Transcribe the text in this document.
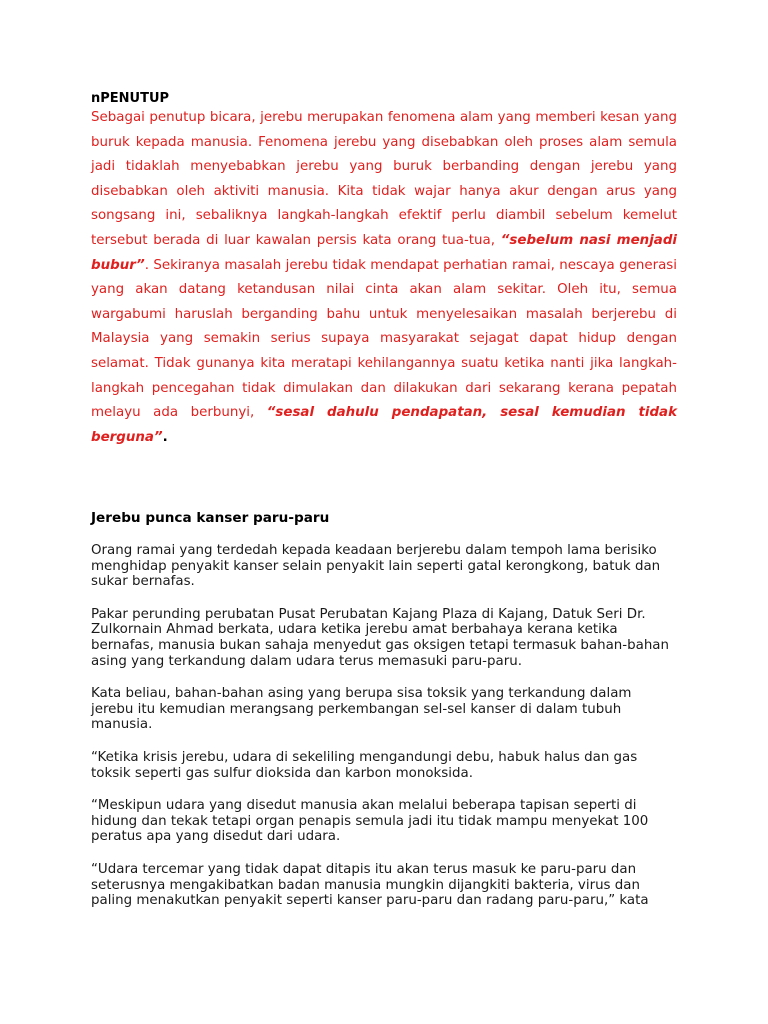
nPENUTUP

Sebagai penutup bicara, jerebu merupakan fenomena alam yang memberi kesan yang buruk kepada manusia. Fenomena jerebu yang disebabkan oleh proses alam semula jadi tidaklah menyebabkan jerebu yang buruk berbanding dengan jerebu yang disebabkan oleh aktiviti manusia. Kita tidak wajar hanya akur dengan arus yang songsang ini, sebaliknya langkah-langkah efektif perlu diambil sebelum kemelut tersebut berada di luar kawalan persis kata orang tua-tua, “sebelum nasi menjadi bubur”. Sekiranya masalah jerebu tidak mendapat perhatian ramai, nescaya generasi yang akan datang ketandusan nilai cinta akan alam sekitar. Oleh itu, semua wargabumi haruslah berganding bahu untuk menyelesaikan masalah berjerebu di Malaysia yang semakin serius supaya masyarakat sejagat dapat hidup dengan selamat. Tidak gunanya kita meratapi kehilangannya suatu ketika nanti jika langkah-langkah pencegahan tidak dimulakan dan dilakukan dari sekarang kerana pepatah melayu ada berbunyi, “sesal dahulu pendapatan, sesal kemudian tidak berguna”.

Jerebu punca kanser paru-paru

Orang ramai yang terdedah kepada keadaan berjerebu dalam tempoh lama berisiko menghidap penyakit kanser selain penyakit lain seperti gatal kerongkong, batuk dan sukar bernafas.

Pakar perunding perubatan Pusat Perubatan Kajang Plaza di Kajang, Datuk Seri Dr. Zulkornain Ahmad berkata, udara ketika jerebu amat berbahaya kerana ketika bernafas, manusia bukan sahaja menyedut gas oksigen tetapi termasuk bahan-bahan asing yang terkandung dalam udara terus memasuki paru-paru.

Kata beliau, bahan-bahan asing yang berupa sisa toksik yang terkandung dalam jerebu itu kemudian merangsang perkembangan sel-sel kanser di dalam tubuh manusia.

“Ketika krisis jerebu, udara di sekeliling mengandungi debu, habuk halus dan gas toksik seperti gas sulfur dioksida dan karbon monoksida.

“Meskipun udara yang disedut manusia akan melalui beberapa tapisan seperti di hidung dan tekak tetapi organ penapis semula jadi itu tidak mampu menyekat 100 peratus apa yang disedut dari udara.

“Udara tercemar yang tidak dapat ditapis itu akan terus masuk ke paru-paru dan seterusnya mengakibatkan badan manusia mungkin dijangkiti bakteria, virus dan paling menakutkan penyakit seperti kanser paru-paru dan radang paru-paru,” kata
